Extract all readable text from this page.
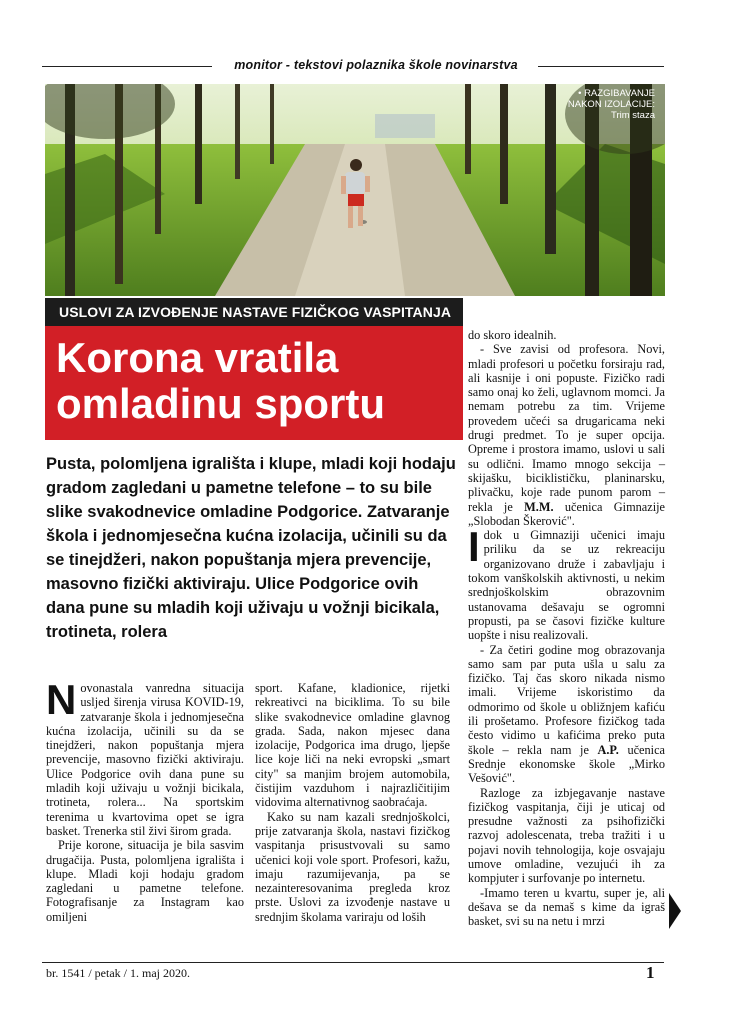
monitor - tekstovi polaznika škole novinarstva
• RAZGIBAVANJE
NAKON IZOLACIJE:
Trim staza
USLOVI ZA IZVOĐENJE NASTAVE FIZIČKOG VASPITANJA
Korona vratila
omladinu sportu
Pusta, polomljena igrališta i klupe, mladi koji hodaju gradom zagledani u pametne telefone – to su bile slike svakodnevice omladine Podgorice. Zatvaranje škola i jednomjesečna kućna izolacija, učinili su da se tinejdžeri, nakon popuštanja mjera prevencije, masovno fizički aktiviraju. Ulice Podgorice ovih dana pune su mladih koji uživaju u vožnji bicikala, trotineta, rolera

Novonastala vanredna situacija usljed širenja virusa KOVID-19, zatvaranje škola i jednomjesečna kućna izolacija, učinili su da se tinejdžeri, nakon popuštanja mjera prevencije, masovno fizički aktiviraju. Ulice Podgorice ovih dana pune su mladih koji uživaju u vožnji bicikala, trotineta, rolera... Na sportskim terenima u kvartovima opet se igra basket. Trenerka stil živi širom grada.

Prije korone, situacija je bila sasvim drugačija. Pusta, polomljena igrališta i klupe. Mladi koji hodaju gradom zagledani u pametne telefone. Fotografisanje za Instagram kao omiljeni

sport. Kafane, kladionice, rijetki rekreativci na biciklima. To su bile slike svakodnevice omladine glavnog grada. Sada, nakon mjesec dana izolacije, Podgorica ima drugo, ljepše lice koje liči na neki evropski „smart city" sa manjim brojem automobila, čistijim vazduhom i najrazličitijim vidovima alternativnog saobraćaja.

Kako su nam kazali srednjoškolci, prije zatvaranja škola, nastavi fizičkog vaspitanja prisustvovali su samo učenici koji vole sport. Profesori, kažu, imaju razumijevanja, pa se nezainteresovanima pregleda kroz prste. Uslovi za izvođenje nastave u srednjim školama variraju od loših

do skoro idealnih.

- Sve zavisi od profesora. Novi, mladi profesori u početku forsiraju rad, ali kasnije i oni popuste. Fizičko radi samo onaj ko želi, uglavnom momci. Ja nemam potrebu za tim. Vrijeme provedem učeći sa drugaricama neki drugi predmet. To je super opcija. Opreme i prostora imamo, uslovi u sali su odlični. Imamo mnogo sekcija – skijašku, biciklističku, planinarsku, plivačku, koje rade punom parom – rekla je M.M. učenica Gimnazije „Slobodan Škerović".

Idok u Gimnaziji učenici imaju priliku da se uz rekreaciju organizovano druže i zabavljaju i tokom vanškolskih aktivnosti, u nekim srednjoškolskim obrazovnim ustanovama dešavaju se ogromni propusti, pa se časovi fizičke kulture uopšte i nisu realizovali.

- Za četiri godine mog obrazovanja samo sam par puta ušla u salu za fizičko. Taj čas skoro nikada nismo imali. Vrijeme iskoristimo da odmorimo od škole u obližnjem kafiću ili prošetamo. Profesore fizičkog tada često vidimo u kafićima preko puta škole – rekla nam je A.P. učenica Srednje ekonomske škole „Mirko Vešović".

Razloge za izbjegavanje nastave fizičkog vaspitanja, čiji je uticaj od presudne važnosti za psihofizički razvoj adolescenata, treba tražiti i u pojavi novih tehnologija, koje osvajaju umove omladine, vezujući ih za kompjuter i surfovanje po internetu.

-Imamo teren u kvartu, super je, ali dešava se da nemaš s kime da igraš basket, svi su na netu i mrzi

br. 1541 / petak / 1. maj 2020.	1
